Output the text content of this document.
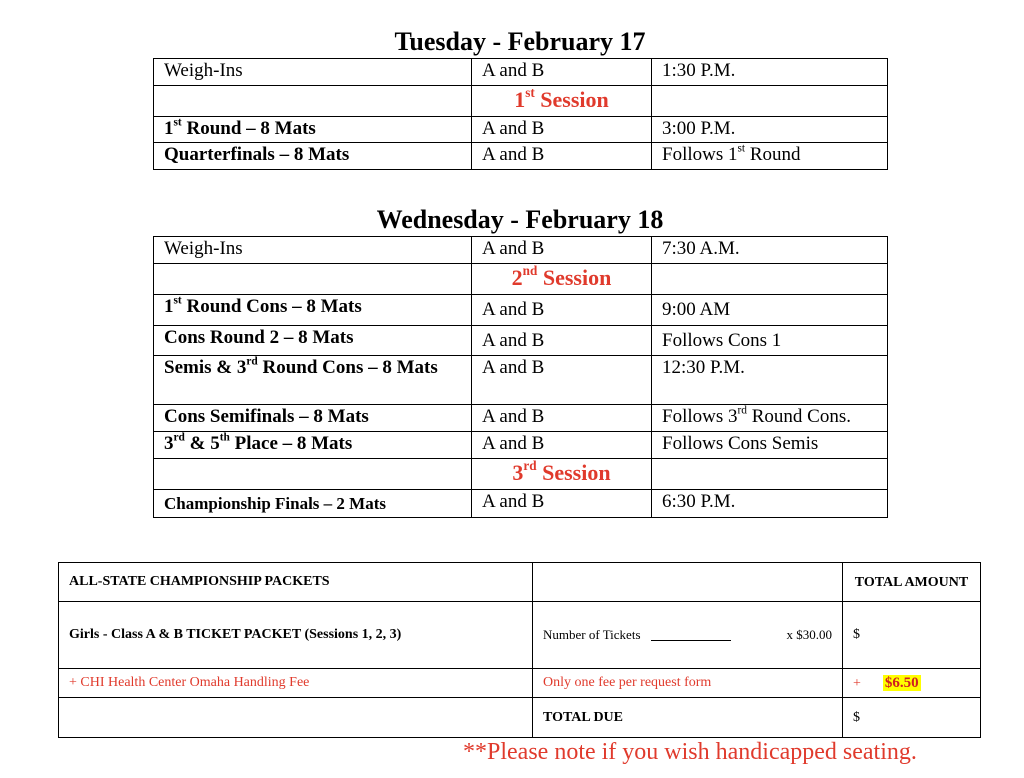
Tuesday - February 17
Weigh-Ins	A and B	1:30 P.M.
	1st Session	
1st Round – 8 Mats	A and B	3:00 P.M.
Quarterfinals – 8 Mats	A and B	Follows 1st Round
Wednesday - February 18
Weigh-Ins	A and B	7:30 A.M.
	2nd Session	
1st Round Cons – 8 Mats	A and B	9:00 AM
Cons Round 2 – 8 Mats	A and B	Follows Cons 1
Semis & 3rd Round Cons – 8 Mats	A and B	12:30 P.M.
Cons Semifinals – 8 Mats	A and B	Follows 3rd Round Cons.
3rd & 5th Place – 8 Mats	A and B	Follows Cons Semis
	3rd Session	
Championship Finals – 2 Mats	A and B	6:30 P.M.
ALL-STATE CHAMPIONSHIP PACKETS		TOTAL AMOUNT
Girls - Class A & B TICKET PACKET (Sessions 1, 2, 3)	Number of Tickets x $30.00	$
+ CHI Health Center Omaha Handling Fee	Only one fee per request form	+ $6.50
	TOTAL DUE	$
**Please note if you wish handicapped seating.
